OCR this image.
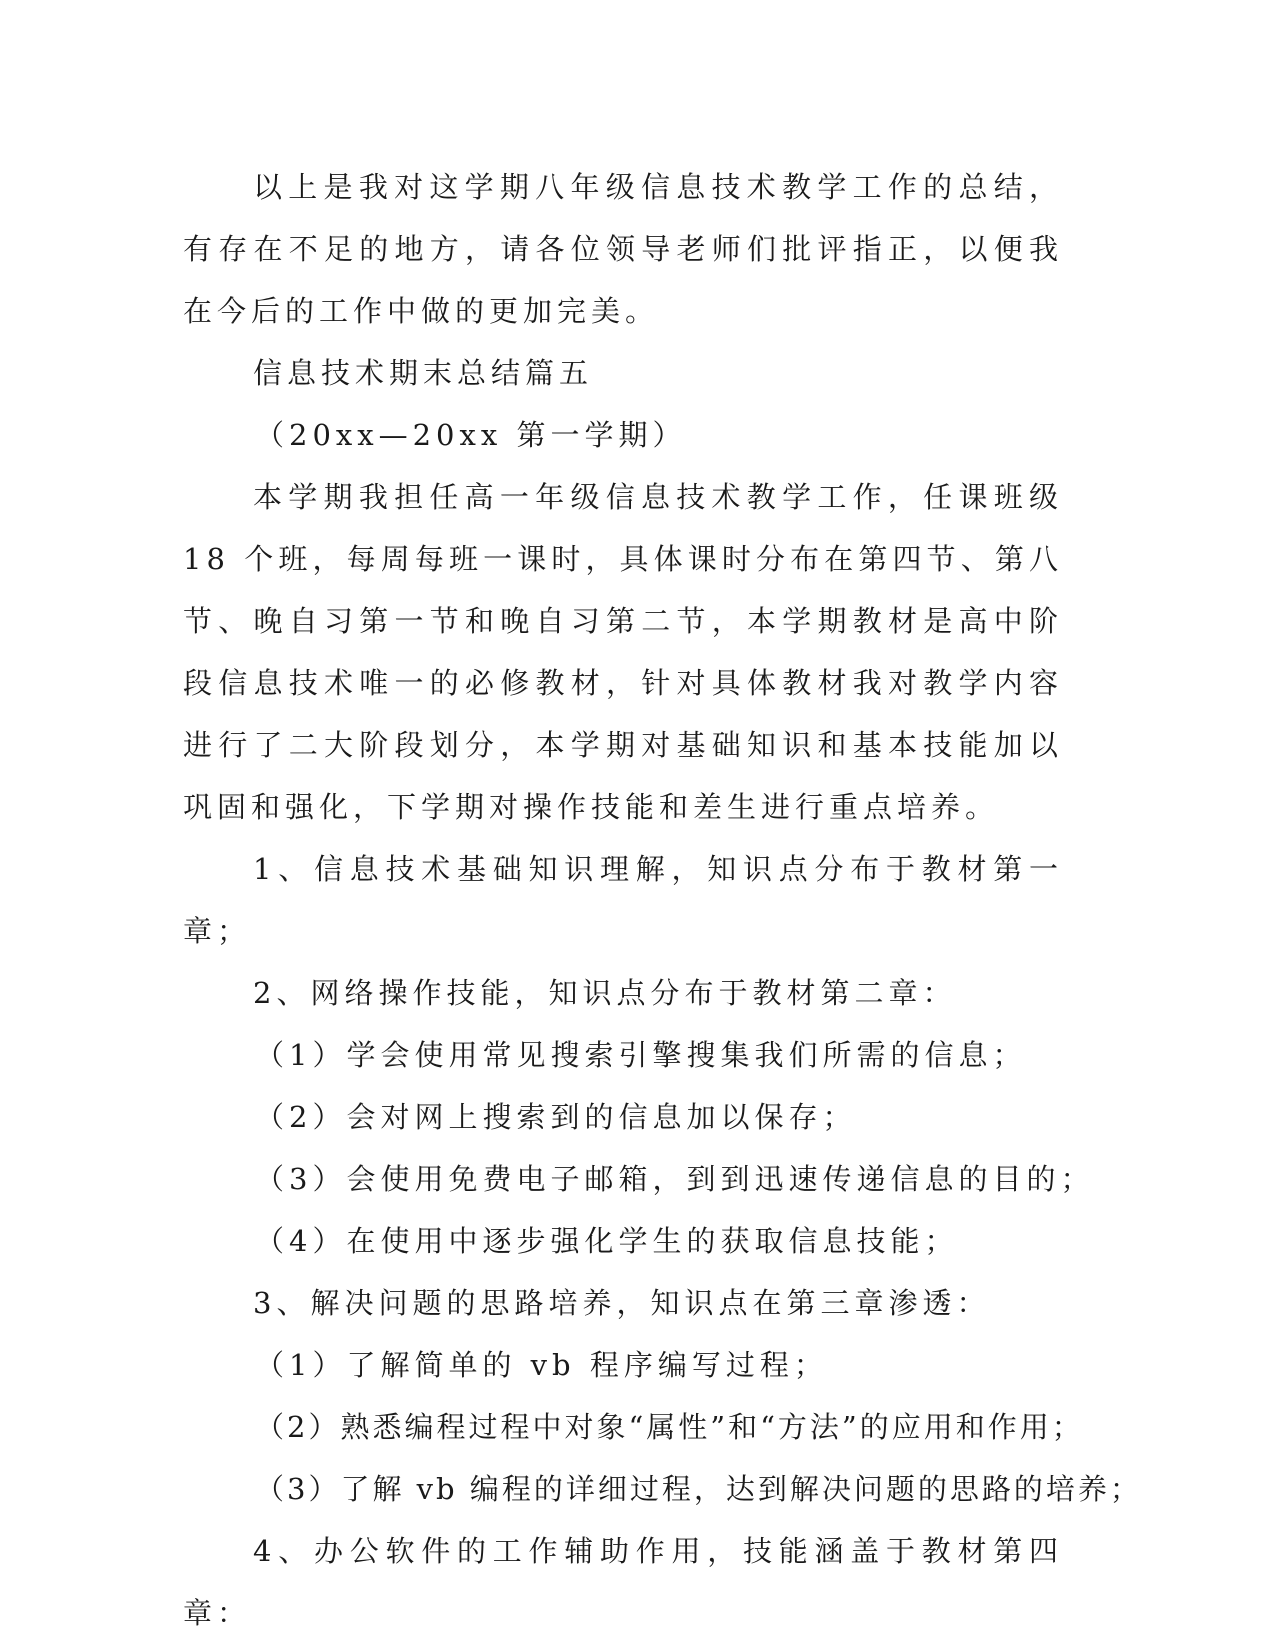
以上是我对这学期八年级信息技术教学工作的总结，有存在不足的地方，请各位领导老师们批评指正，以便我在今后的工作中做的更加完美。

信息技术期末总结篇五

（20xx—20xx 第一学期）

本学期我担任高一年级信息技术教学工作，任课班级 18 个班，每周每班一课时，具体课时分布在第四节、第八节、晚自习第一节和晚自习第二节，本学期教材是高中阶段信息技术唯一的必修教材，针对具体教材我对教学内容进行了二大阶段划分，本学期对基础知识和基本技能加以巩固和强化，下学期对操作技能和差生进行重点培养。

1、信息技术基础知识理解，知识点分布于教材第一章；

2、网络操作技能，知识点分布于教材第二章：

（1）学会使用常见搜索引擎搜集我们所需的信息；

（2）会对网上搜索到的信息加以保存；

（3）会使用免费电子邮箱，到到迅速传递信息的目的；

（4）在使用中逐步强化学生的获取信息技能；

3、解决问题的思路培养，知识点在第三章渗透：

（1）了解简单的 vb 程序编写过程；

（2）熟悉编程过程中对象“属性”和“方法”的应用和作用；

（3）了解 vb 编程的详细过程，达到解决问题的思路的培养；

4、办公软件的工作辅助作用，技能涵盖于教材第四章：
